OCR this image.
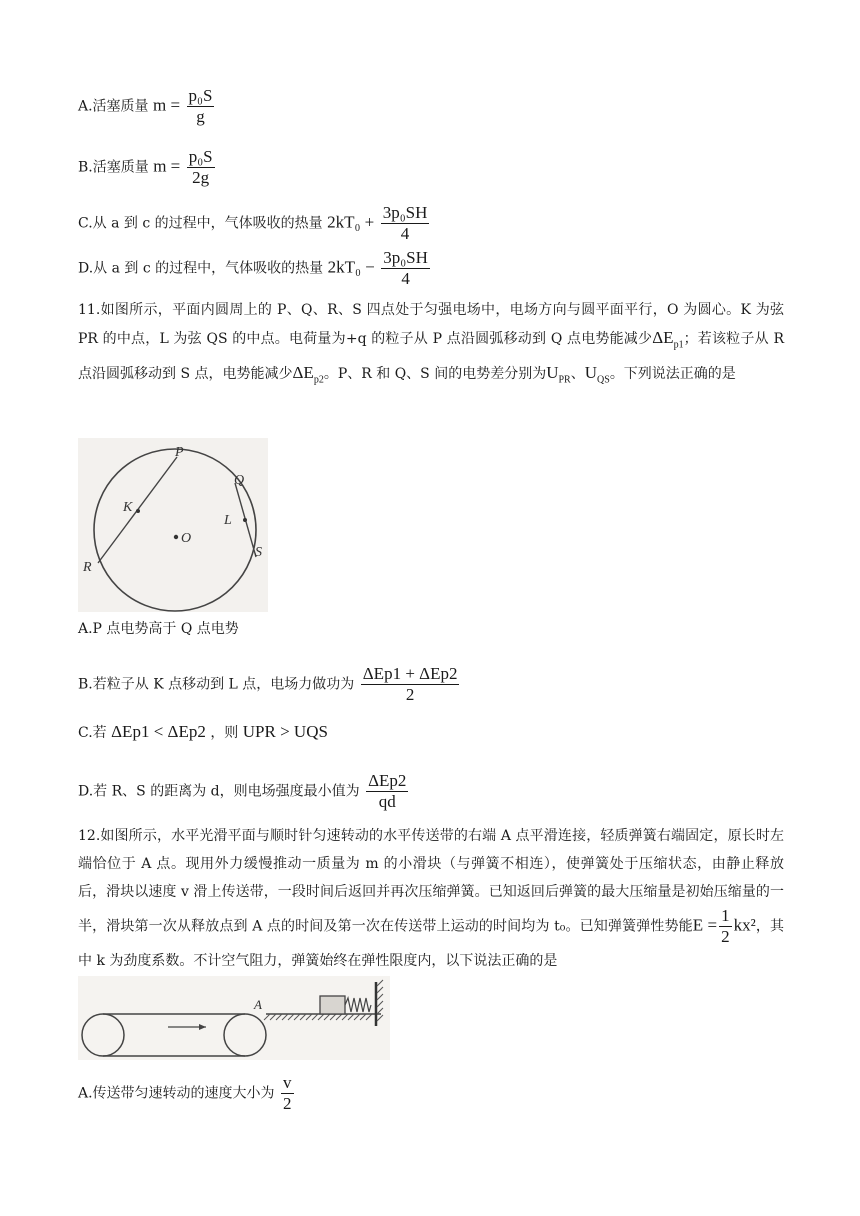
A.活塞质量 $m = \frac{\text{p₀S}}{g}$
B.活塞质量 $m = \frac{\text{p₀S}}{2g}$
C.从 a 到 c 的过程中，气体吸收的热量 $2kT_0 + \frac{\text{3p₀SH}}{4}$
D.从 a 到 c 的过程中，气体吸收的热量 $2kT_0 - \frac{\text{3p₀SH}}{4}$
11.如图所示，平面内圆周上的 P、Q、R、S 四点处于匀强电场中，电场方向与圆平面平行，O 为圆心。K 为弦 PR 的中点，L 为弦 QS 的中点。电荷量为+q 的粒子从 P 点沿圆弧移动到 Q 点电势能减少$\Delta E_{p1}$；若该粒子从 R 点沿圆弧移动到 S 点，电势能减少$\Delta E_{p2}$。P、R 和 Q、S 间的电势差分别为$U_{PR}$、$U_{QS}$。下列说法正确的是
P
Q
R
S
K
L
O
A.P 点电势高于 Q 点电势
B.若粒子从 K 点移动到 L 点，电场力做功为 $\frac{\text{ΔEp1 + ΔEp2}}{2}$
C.若 ΔEp1 < ΔEp2 ，则 UPR > UQS
D.若 R、S 的距离为 d，则电场强度最小值为 $\frac{\text{ΔEp2}}{qd}$
12.如图所示，水平光滑平面与顺时针匀速转动的水平传送带的右端 A 点平滑连接，轻质弹簧右端固定，原长时左端恰位于 A 点。现用外力缓慢推动一质量为 m 的小滑块（与弹簧不相连），使弹簧处于压缩状态，由静止释放后，滑块以速度 v 滑上传送带，一段时间后返回并再次压缩弹簧。已知返回后弹簧的最大压缩量是初始压缩量的一半，滑块第一次从释放点到 A 点的时间及第一次在传送带上运动的时间均为 t₀。已知弹簧弹性势能$E = \frac{1}{2} kx^2$，其中 k 为劲度系数。不计空气阻力，弹簧始终在弹性限度内，以下说法正确的是
A
A.传送带匀速转动的速度大小为 $\frac{v}{2}$
